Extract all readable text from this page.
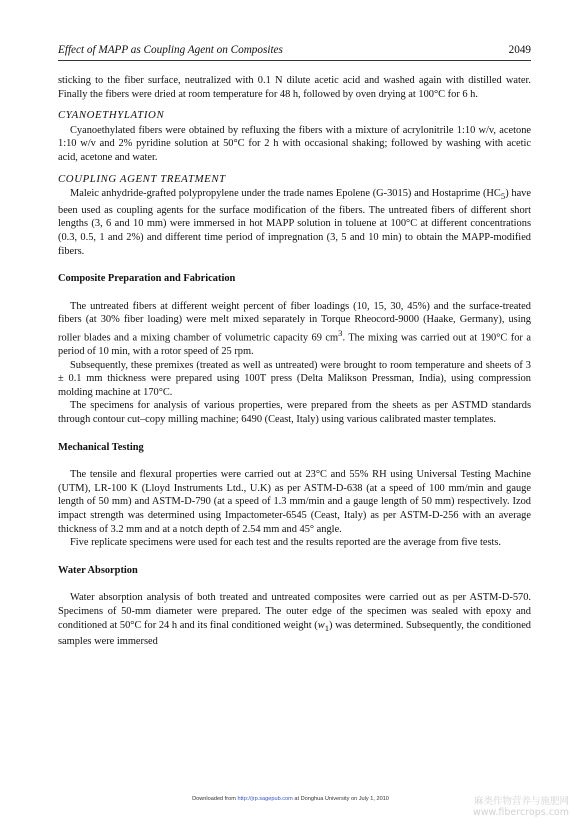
Effect of MAPP as Coupling Agent on Composites	2049

sticking to the fiber surface, neutralized with 0.1 N dilute acetic acid and washed again with distilled water. Finally the fibers were dried at room temperature for 48 h, followed by oven drying at 100°C for 6 h.

CYANOETHYLATION

Cyanoethylated fibers were obtained by refluxing the fibers with a mixture of acrylonitrile 1:10 w/v, acetone 1:10 w/v and 2% pyridine solution at 50°C for 2 h with occasional shaking; followed by washing with acetic acid, acetone and water.

COUPLING AGENT TREATMENT

Maleic anhydride-grafted polypropylene under the trade names Epolene (G-3015) and Hostaprime $(HC_5)$ have been used as coupling agents for the surface modification of the fibers. The untreated fibers of different short lengths (3, 6 and 10 mm) were immersed in hot MAPP solution in toluene at 100°C at different concentrations (0.3, 0.5, 1 and 2%) and different time period of impregnation (3, 5 and 10 min) to obtain the MAPP-modified fibers.

Composite Preparation and Fabrication

The untreated fibers at different weight percent of fiber loadings (10, 15, 30, 45%) and the surface-treated fibers (at 30% fiber loading) were melt mixed separately in Torque Rheocord-9000 (Haake, Germany), using roller blades and a mixing chamber of volumetric capacity 69 $cm^3$. The mixing was carried out at 190°C for a period of 10 min, with a rotor speed of 25 rpm.

Subsequently, these premixes (treated as well as untreated) were brought to room temperature and sheets of 3 ± 0.1 mm thickness were prepared using 100T press (Delta Malikson Pressman, India), using compression molding machine at 170°C.

The specimens for analysis of various properties, were prepared from the sheets as per ASTMD standards through contour cut–copy milling machine; 6490 (Ceast, Italy) using various calibrated master templates.

Mechanical Testing

The tensile and flexural properties were carried out at 23°C and 55% RH using Universal Testing Machine (UTM), LR-100 K (Lloyd Instruments Ltd., U.K) as per ASTM-D-638 (at a speed of 100 mm/min and gauge length of 50 mm) and ASTM-D-790 (at a speed of 1.3 mm/min and a gauge length of 50 mm) respectively. Izod impact strength was determined using Impactometer-6545 (Ceast, Italy) as per ASTM-D-256 with an average thickness of 3.2 mm and at a notch depth of 2.54 mm and 45° angle.

Five replicate specimens were used for each test and the results reported are the average from five tests.

Water Absorption

Water absorption analysis of both treated and untreated composites were carried out as per ASTM-D-570. Specimens of 50-mm diameter were prepared. The outer edge of the specimen was sealed with epoxy and conditioned at 50°C for 24 h and its final conditioned weight $(w_1)$ was determined. Subsequently, the conditioned samples were immersed

Downloaded from http://jrp.sagepub.com at Donghua University on July 1, 2010	麻类作物营养与施肥网
www.fibercrops.com
